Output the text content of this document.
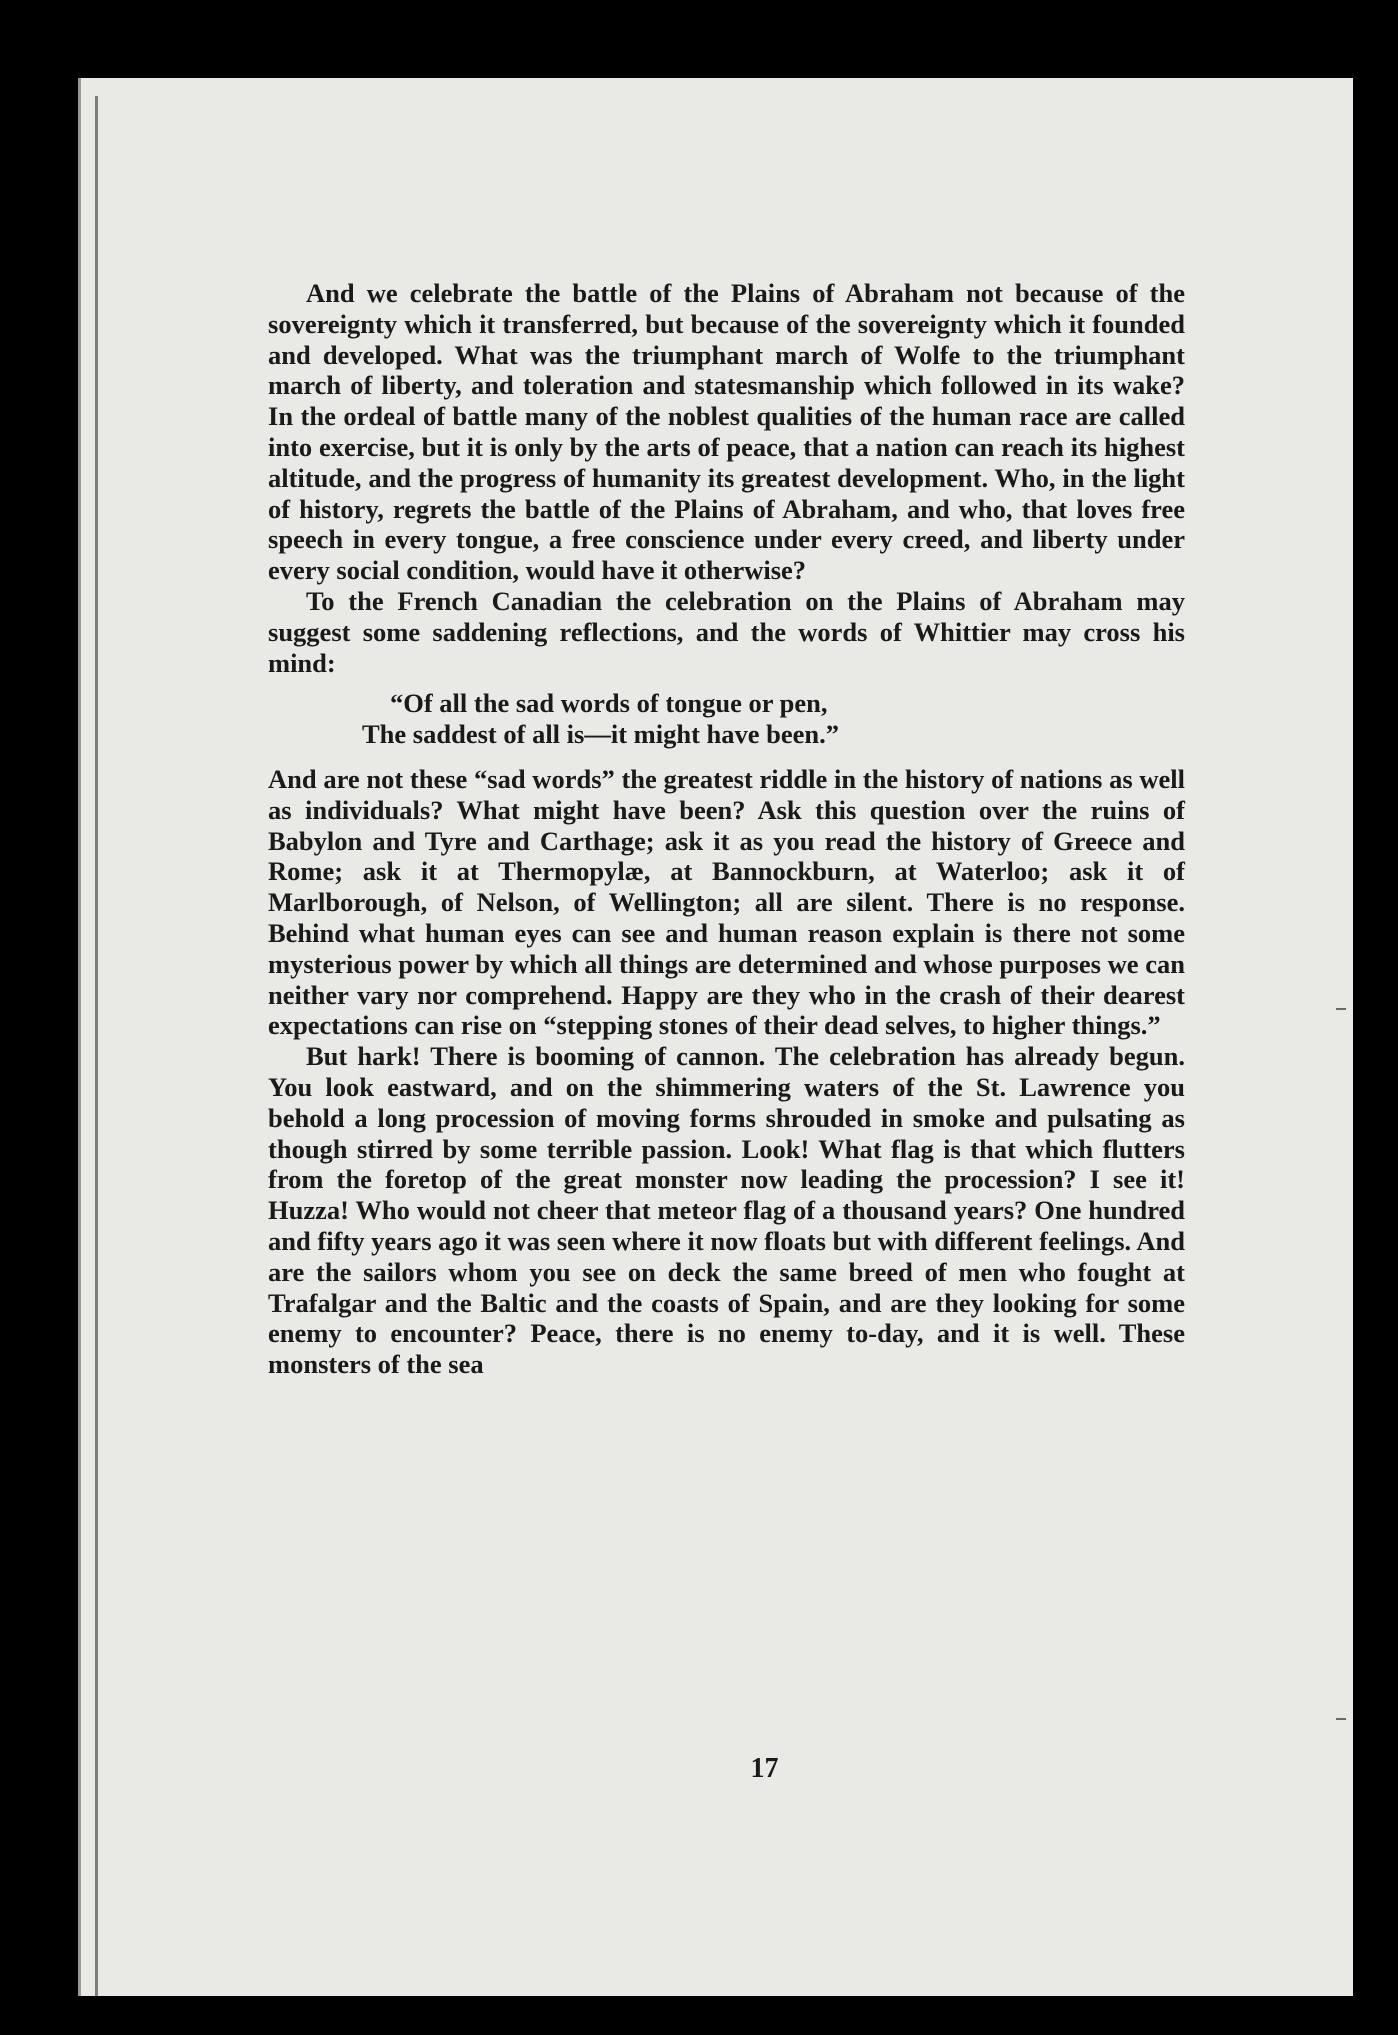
And we celebrate the battle of the Plains of Abraham not because of the sovereignty which it transferred, but because of the sovereignty which it founded and developed. What was the triumphant march of Wolfe to the triumphant march of liberty, and toleration and statesmanship which followed in its wake? In the ordeal of battle many of the noblest qualities of the human race are called into exercise, but it is only by the arts of peace, that a nation can reach its highest altitude, and the progress of humanity its greatest development. Who, in the light of history, regrets the battle of the Plains of Abraham, and who, that loves free speech in every tongue, a free conscience under every creed, and liberty under every social condition, would have it otherwise?

To the French Canadian the celebration on the Plains of Abraham may suggest some saddening reflections, and the words of Whittier may cross his mind:

“Of all the sad words of tongue or pen,
The saddest of all is—it might have been.”

And are not these “sad words” the greatest riddle in the history of nations as well as individuals? What might have been? Ask this question over the ruins of Babylon and Tyre and Carthage; ask it as you read the history of Greece and Rome; ask it at Thermopylæ, at Bannockburn, at Waterloo; ask it of Marlborough, of Nelson, of Wellington; all are silent. There is no response. Behind what human eyes can see and human reason explain is there not some mysterious power by which all things are determined and whose purposes we can neither vary nor comprehend. Happy are they who in the crash of their dearest expectations can rise on “stepping stones of their dead selves, to higher things.”

But hark! There is booming of cannon. The celebration has already begun. You look eastward, and on the shimmering waters of the St. Lawrence you behold a long procession of moving forms shrouded in smoke and pulsating as though stirred by some terrible passion. Look! What flag is that which flutters from the foretop of the great monster now leading the procession? I see it! Huzza! Who would not cheer that meteor flag of a thousand years? One hundred and fifty years ago it was seen where it now floats but with different feelings. And are the sailors whom you see on deck the same breed of men who fought at Trafalgar and the Baltic and the coasts of Spain, and are they looking for some enemy to encounter? Peace, there is no enemy to-day, and it is well. These monsters of the sea

17
